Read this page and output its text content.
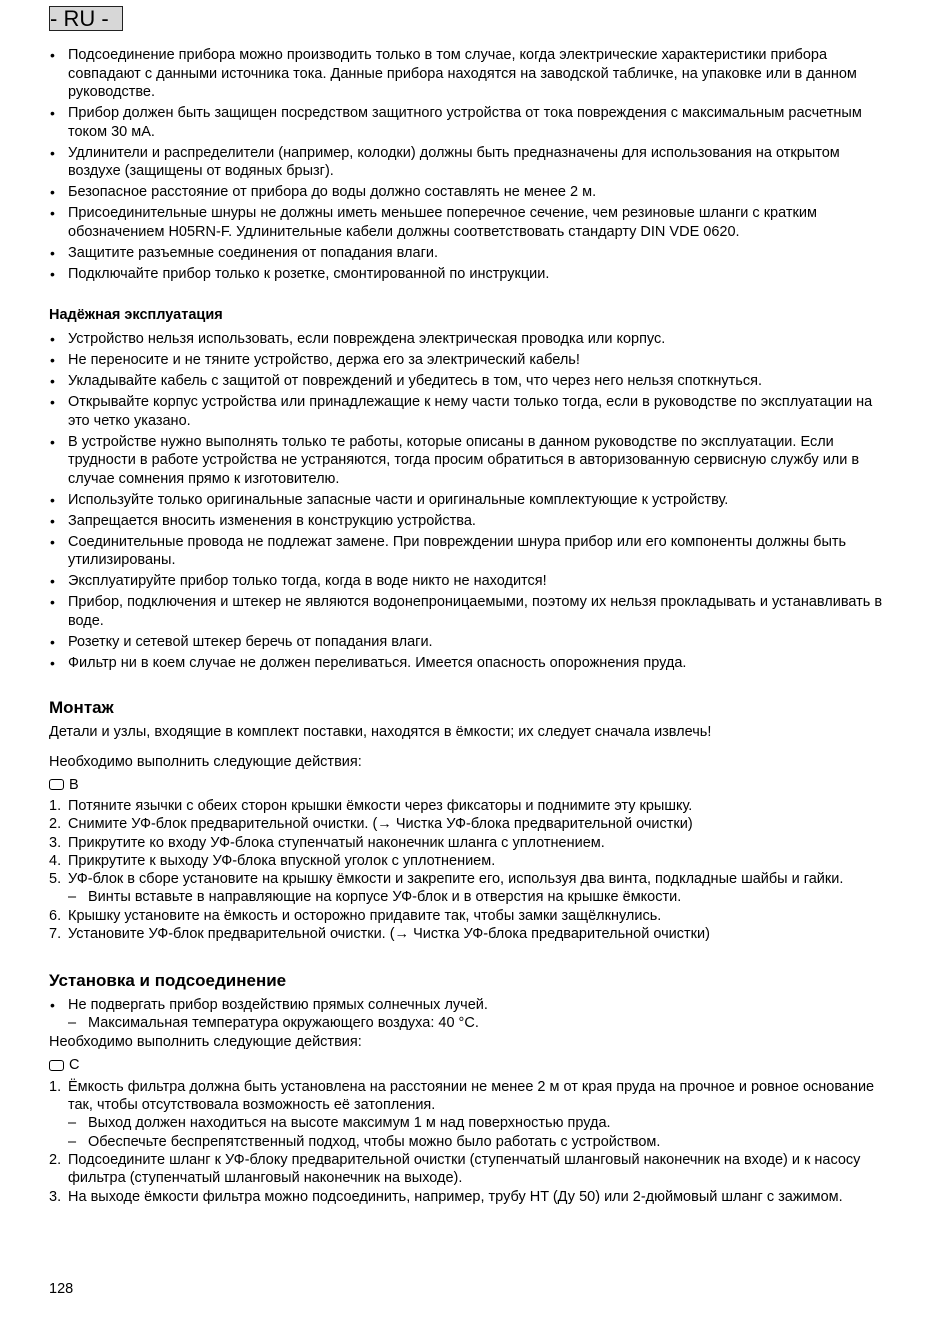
- RU -
• Подсоединение прибора можно производить только в том случае, когда электрические характеристики прибора совпадают с данными источника тока. Данные прибора находятся на заводской табличке, на упаковке или в данном руководстве.
• Прибор должен быть защищен посредством защитного устройства от тока повреждения с максимальным расчетным током 30 мА.
• Удлинители и распределители (например, колодки) должны быть предназначены для использования на открытом воздухе (защищены от водяных брызг).
• Безопасное расстояние от прибора до воды должно составлять не менее 2 м.
• Присоединительные шнуры не должны иметь меньшее поперечное сечение, чем резиновые шланги с кратким обозначением H05RN-F. Удлинительные кабели должны соответствовать стандарту DIN VDE 0620.
• Защитите разъемные соединения от попадания влаги.
• Подключайте прибор только к розетке, смонтированной по инструкции.
Надёжная эксплуатация
• Устройство нельзя использовать, если повреждена электрическая проводка или корпус.
• Не переносите и не тяните устройство, держа его за электрический кабель!
• Укладывайте кабель с защитой от повреждений и убедитесь в том, что через него нельзя споткнуться.
• Открывайте корпус устройства или принадлежащие к нему части только тогда, если в руководстве по эксплуатации на это четко указано.
• В устройстве нужно выполнять только те работы, которые описаны в данном руководстве по эксплуатации. Если трудности в работе устройства не устраняются, тогда просим обратиться в авторизованную сервисную службу или в случае сомнения прямо к изготовителю.
• Используйте только оригинальные запасные части и оригинальные комплектующие к устройству.
• Запрещается вносить изменения в конструкцию устройства.
• Соединительные провода не подлежат замене. При повреждении шнура прибор или его компоненты должны быть утилизированы.
• Эксплуатируйте прибор только тогда, когда в воде никто не находится!
• Прибор, подключения и штекер не являются водонепроницаемыми, поэтому их нельзя прокладывать и устанавливать в воде.
• Розетку и сетевой штекер беречь от попадания влаги.
• Фильтр ни в коем случае не должен переливаться. Имеется опасность опорожнения пруда.
Монтаж

Детали и узлы, входящие в комплект поставки, находятся в ёмкости; их следует сначала извлечь!

Необходимо выполнить следующие действия:

B
1. Потяните язычки с обеих сторон крышки ёмкости через фиксаторы и поднимите эту крышку.
2. Снимите УФ-блок предварительной очистки. (→ Чистка УФ-блока предварительной очистки)
3. Прикрутите ко входу УФ-блока ступенчатый наконечник шланга с уплотнением.
4. Прикрутите к выходу УФ-блока впускной уголок с уплотнением.
5. УФ-блок в сборе установите на крышку ёмкости и закрепите его, используя два винта, подкладные шайбы и гайки.
– Винты вставьте в направляющие на корпусе УФ-блок и в отверстия на крышке ёмкости.
6. Крышку установите на ёмкость и осторожно придавите так, чтобы замки защёлкнулись.
7. Установите УФ-блок предварительной очистки. (→ Чистка УФ-блока предварительной очистки)
Установка и подсоединение
• Не подвергать прибор воздействию прямых солнечных лучей.
– Максимальная температура окружающего воздуха: 40 °C.

Необходимо выполнить следующие действия:

C
1. Ёмкость фильтра должна быть установлена на расстоянии не менее 2 м от края пруда на прочное и ровное основание так, чтобы отсутствовала возможность её затопления.
– Выход должен находиться на высоте максимум 1 м над поверхностью пруда.
– Обеспечьте беспрепятственный подход, чтобы можно было работать с устройством.
2. Подсоедините шланг к УФ-блоку предварительной очистки (ступенчатый шланговый наконечник на входе) и к насосу фильтра (ступенчатый шланговый наконечник на выходе).
3. На выходе ёмкости фильтра можно подсоединить, например, трубу HT (Ду 50) или 2-дюймовый шланг с зажимом.
128
